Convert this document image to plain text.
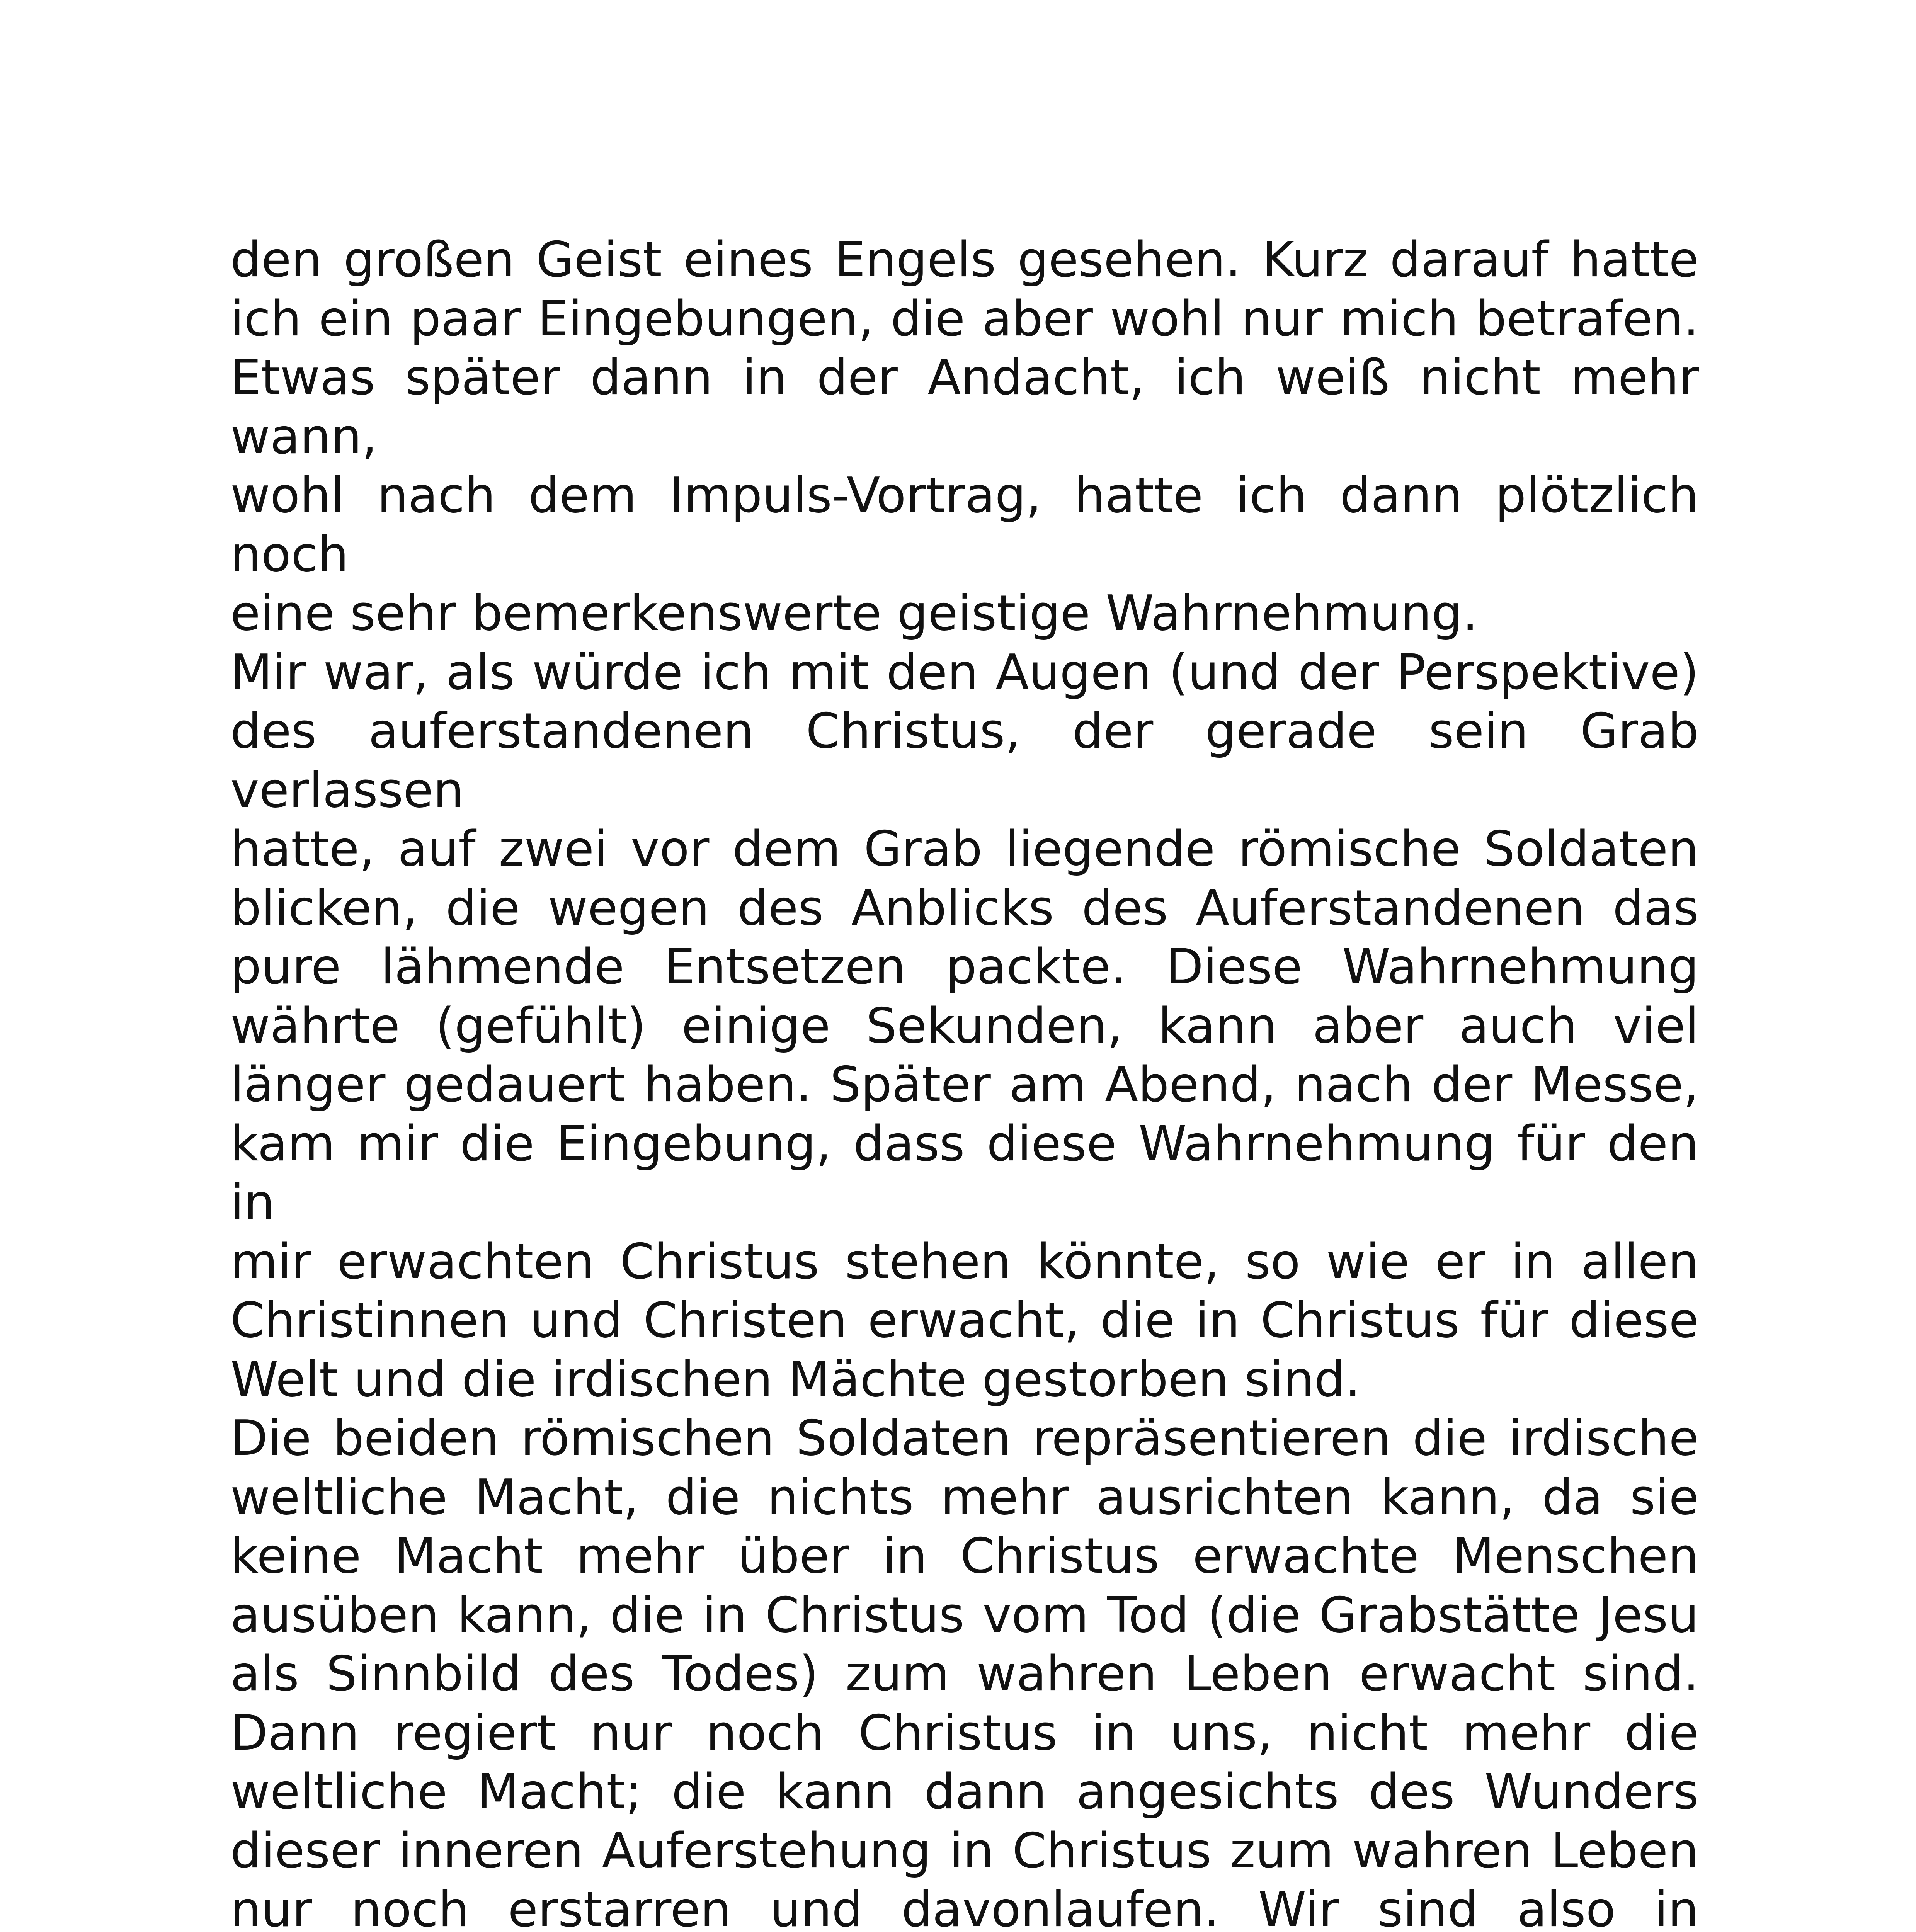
den großen Geist eines Engels gesehen. Kurz darauf hatte
ich ein paar Eingebungen, die aber wohl nur mich betrafen.
Etwas später dann in der Andacht, ich weiß nicht mehr wann,
wohl nach dem Impuls-Vortrag, hatte ich dann plötzlich noch
eine sehr bemerkenswerte geistige Wahrnehmung.
Mir war, als würde ich mit den Augen (und der Perspektive)
des auferstandenen Christus, der gerade sein Grab verlassen
hatte, auf zwei vor dem Grab liegende römische Soldaten
blicken, die wegen des Anblicks des Auferstandenen das
pure lähmende Entsetzen packte. Diese Wahrnehmung
währte (gefühlt) einige Sekunden, kann aber auch viel
länger gedauert haben. Später am Abend, nach der Messe,
kam mir die Eingebung, dass diese Wahrnehmung für den in
mir erwachten Christus stehen könnte, so wie er in allen
Christinnen und Christen erwacht, die in Christus für diese
Welt und die irdischen Mächte gestorben sind.
Die beiden römischen Soldaten repräsentieren die irdische
weltliche Macht, die nichts mehr ausrichten kann, da sie
keine Macht mehr über in Christus erwachte Menschen
ausüben kann, die in Christus vom Tod (die Grabstätte Jesu
als Sinnbild des Todes) zum wahren Leben erwacht sind.
Dann regiert nur noch Christus in uns, nicht mehr die
weltliche Macht; die kann dann angesichts des Wunders
dieser inneren Auferstehung in Christus zum wahren Leben
nur noch erstarren und davonlaufen. Wir sind also in
